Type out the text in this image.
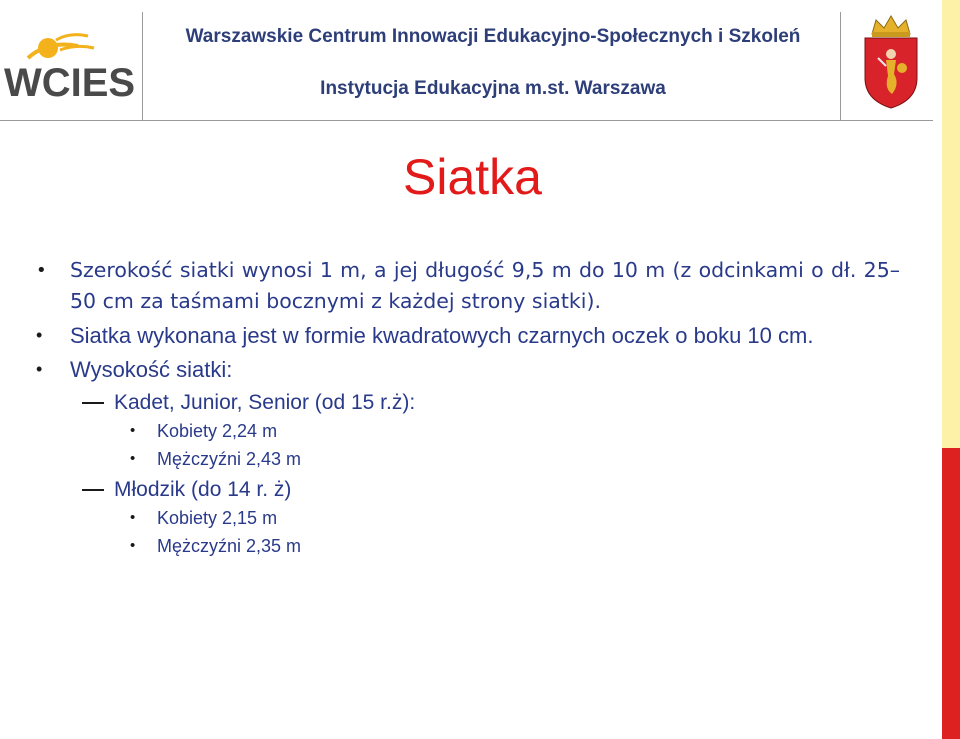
WCIES
Warszawskie Centrum Innowacji Edukacyjno-Społecznych i Szkoleń
Instytucja Edukacyjna m.st. Warszawa
Siatka
• Szerokość siatki wynosi 1 m, a jej długość 9,5 m do 10 m (z odcinkami o dł. 25–50 cm za taśmami bocznymi z każdej strony siatki).
• Siatka wykonana jest w formie kwadratowych czarnych oczek o boku 10 cm.
• Wysokość siatki:
Kadet, Junior, Senior (od 15 r.ż):
• Kobiety 2,24 m
• Mężczyźni 2,43 m
Młodzik (do 14 r. ż)
• Kobiety 2,15 m
• Mężczyźni 2,35 m
